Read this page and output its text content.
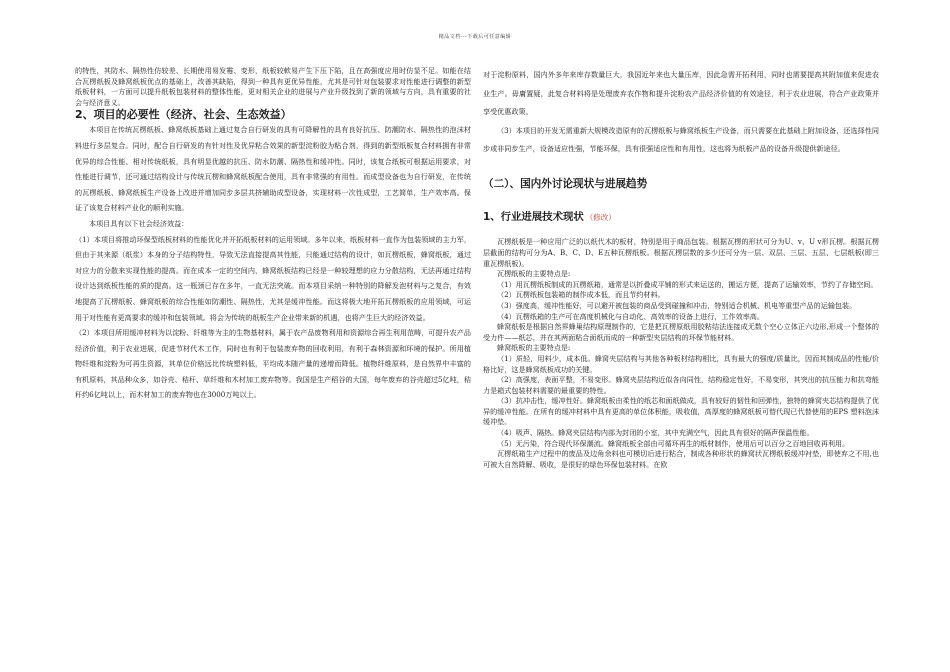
精品文档---下载后可任意编辑

的特性，其防水、隔热性仿较差、长期使用易发霉、变形，纸板较軟易产生下压下陷，且在高强度应用时仿显不足。如能在结合瓦楞纸板及蜂窝纸板优点的基础上，改善其缺陷，得到一种具有更优异性能，尤其是可针对包装要求对性能进行调整的新型纸板材料，一方面可以提升纸板包装材料的整体性能，更对相关企业的进展与产业升级找到了新的领域与方向，具有重要的社会与经济意义。

2、项目的必要性（经济、社会、生态效益）

本项目在传统瓦楞纸板、蜂窝纸板基础上通过复合自行研发的具有可降解性的具有良好抗压、防潮防水、隔热性的泡沫材料进行多层复合。同时，配合自行研发的有针对性及优异粘合效果的新型淀粉胶为粘合剂，得到的新型纸板复合材料拥有非常优异的综合性能、相对传统纸板，具有明显优越的抗压、防水防潮、隔热性和缓冲性。同时，该复合纸板可根据运用要求，对性能进行调节，还可通过结构设计与传统瓦楞和蜂窝纸板配合使用，具有非常强的有用性。而成型设备也为自行研发，在传统的瓦楞纸板、蜂窝纸板生产设备上改进并增加同步多层共挤辅助成型设备，实现材料一次性成型，工艺简单，生产效率高。保证了该复合材料产业化的顺利实施。

本项目具有以下社会经济效益：

（1）本项目将推动环保型纸板材料的性能优化并开拓纸板材料的运用领域。多年以来，纸板材料一直作为包装领域的主力军，但由于其来源（纸浆）本身的分子结构特性，导致无法直接提高其性能，只能通过结构的设计，如瓦楞纸板，蜂窝纸板，通过对应力的分散来实现性能的提高。而在成本一定的空间内，蜂窝纸板结构已经是一种较理想的应力分散结构，无法再通过结构设计达到纸板性能的质的提高。这一瓶颈已存在多年，一直无法突破。而本项目采纳一种特别的降解发泡材料与之复合，有效地提高了瓦楞纸板、蜂窝纸板的综合性能如防潮性、隔热性，尤其是缓冲性能。而这将极大地开拓瓦楞纸板的应用领域，可运用于对性能有更高要求的缓冲和包装领域。将会为传统的纸板生产企业带来新的机遇，也将产生巨大的经济效益。

（2）本项目所用缓冲材料为以淀粉、纤维等为主的生物基材料，属于农产品废物利用和资源综合再生利用范畴，可提升农产品经济价值，利于农业进展，促进节材代木工作，同时也有利于包装废弃物的回收利用，有利于森林资源和环境的保护。所用植物纤维和淀粉为可再生资源，其单位价格远比传统塑料低，平均成本随产量的递增而降低。植物纤维原料，是自然界中丰富的有机原料，其品种众多，如谷壳、秸秆、草纤维和木材加工废弃物等。我国是生产稻谷的大国，每年废弃的谷壳超过5亿吨，秸秆约6亿吨以上，而木材加工的废弃物也在3000万吨以上。

对于淀粉原料，国内外多年来库存数量巨大，我国近年来也大量压库，因此急需开拓利用，同时也需要提高其附加值来促进农业生产。毋庸置疑，此复合材料将是处理废弃农作物和提升淀粉农产品经济价值的有效途径，利于农业进展，符合产业政策并享受优惠政策。

（3）本项目的开发无需重新大规模改造原有的瓦楞纸板与蜂窝纸板生产设备，而只需要在此基础上附加设备，还选择性同步或非同步生产，设备适应性强，节能环保，具有很强适应性和有用性，这也将为纸板产品的设备升级提供新途径。

（二）、国内外讨论现状与进展趋势

1、行业进展技术现状 （修改）

瓦楞纸板是一种应用广泛的以纸代木的板材，特别是用于商品包装。根据瓦楞的形状可分为U、v、U v形瓦楞。根据瓦楞层截面的结构可分为A、B、C、D、E五种瓦楞纸板。根据瓦楞层数的多少还可分为一层、双层、三层、五层、七层纸板(即三重瓦楞纸板)。

瓦楞纸板的主要特点是:

（1）用瓦楞纸板制成的瓦楞纸箱，通常是以折叠成平铺的形式来运送的，搬运方便，提高了运输效率，节约了存储空间。

（2）瓦楞纸板包装箱的制作成本低，而且节约材料。

（3）强度高，缓冲性能好，可以避开被包装的商品受到碰撞和冲击，特别适合机械、机电等重型产品的运输包装。

（4）瓦楞纸箱的生产可在高度机械化与自动化、高效率的设备上进行，工作效率高。

蜂窝纸板是根据自然界蜂巢结构原理制作的，它是把瓦楞原纸用胶粘结法连接成无数个空心立体正六边形,形成一个整体的受力件——纸芯，并在其两面粘合面纸而成的一种新型夹层结构的环保节能材料。

蜂窝纸板的主要特点是:

（1）质轻，用料少，成本低。蜂窝夹层结构与其他各种板材结构相比，具有最大的强度/质量比，因而其制成品的性能/价格比好，这是蜂窝纸板成功的关键。

（2）高强度，表面平整，不易变形。蜂窝夹层结构近似各向同性，结构稳定性好，不易变形，其突出的抗压能力和抗弯能力是箱式包装材料需要的最重要的特性。

（3）抗冲击性，缓冲性好。蜂窝纸板由柔性的纸芯和面纸做成，具有较好的韧性和回弹性，独特的蜂窝夹芯结构提供了优异的缓冲性能。在所有的缓冲材料中具有更高的单位体积能，吸收值，高厚度的蜂窝纸板可替代现已代替使用的EPS 塑料泡沫缓冲垫。

（4）吸声、隔热。蜂窝夹层结构内部为封闭的小室，其中充满空气，因此具有很好的隔声保温性能。

（5）无污染，符合现代环保潮流。蜂窝纸板全部由可循环再生的纸材制作，使用后可以百分之百地回收再利用。

瓦楞纸箱生产过程中的废品及边角余料也可模切后进行粘合，制成各种形状的蜂窝状瓦楞纸板缓冲衬垫，即使弃之不用,也可被大自然降解、吸收，是很好的绿色环保包装材料。在欧
